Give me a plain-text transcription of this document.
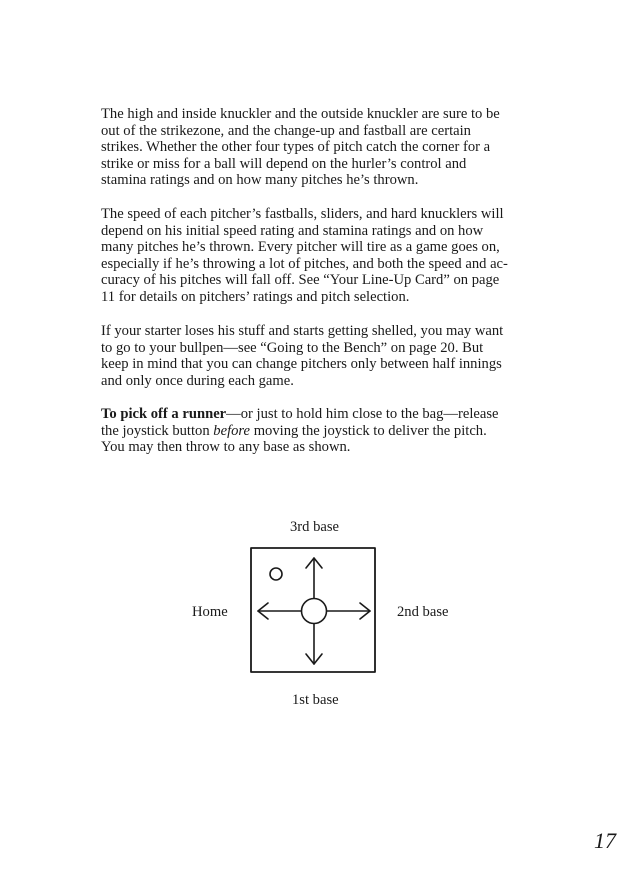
The high and inside knuckler and the outside knuckler are sure to be
out of the strikezone, and the change-up and fastball are certain
strikes. Whether the other four types of pitch catch the corner for a
strike or miss for a ball will depend on the hurler’s control and
stamina ratings and on how many pitches he’s thrown.
The speed of each pitcher’s fastballs, sliders, and hard knucklers will
depend on his initial speed rating and stamina ratings and on how
many pitches he’s thrown. Every pitcher will tire as a game goes on,
especially if he’s throwing a lot of pitches, and both the speed and ac-
curacy of his pitches will fall off. See “Your Line-Up Card” on page
11 for details on pitchers’ ratings and pitch selection.
If your starter loses his stuff and starts getting shelled, you may want
to go to your bullpen—see “Going to the Bench” on page 20. But
keep in mind that you can change pitchers only between half innings
and only once during each game.
To pick off a runner—or just to hold him close to the bag—release
the joystick button before moving the joystick to deliver the pitch.
You may then throw to any base as shown.
3rd base
Home	2nd base
1st base
17
